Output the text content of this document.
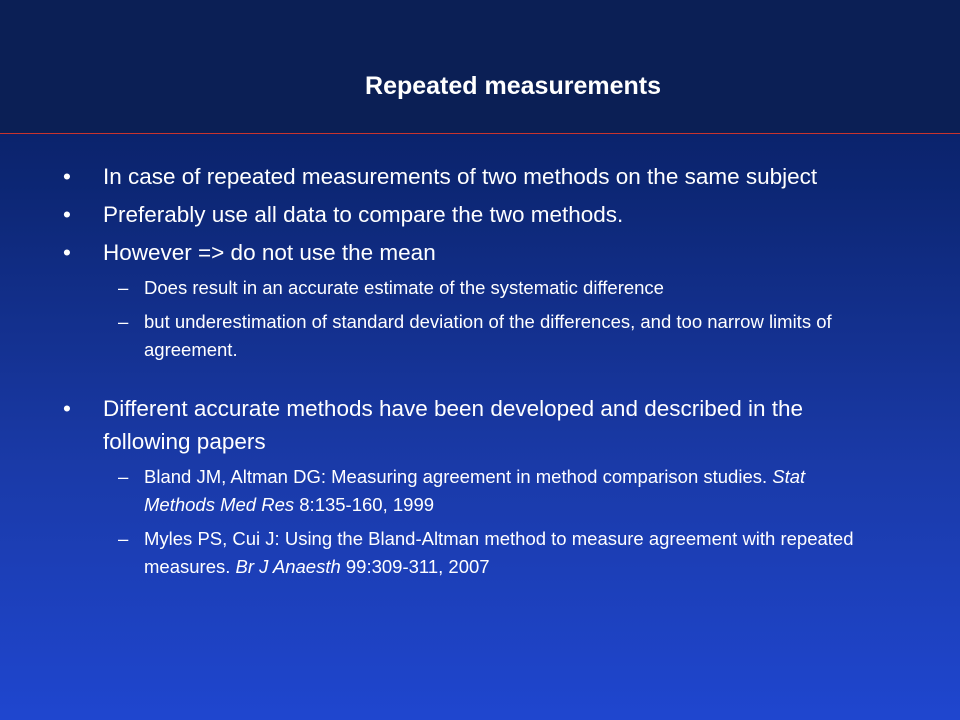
Repeated measurements
• In case of repeated measurements of two methods on the same subject
• Preferably use all data to compare the two methods.
• However => do not use the mean
– Does result in an accurate estimate of the systematic difference
– but underestimation of standard deviation of the differences, and too narrow limits of agreement.
• Different accurate methods have been developed and described in the following papers
– Bland JM, Altman DG: Measuring agreement in method comparison studies. Stat Methods Med Res 8:135-160, 1999
– Myles PS, Cui J: Using the Bland-Altman method to measure agreement with repeated measures. Br J Anaesth 99:309-311, 2007
